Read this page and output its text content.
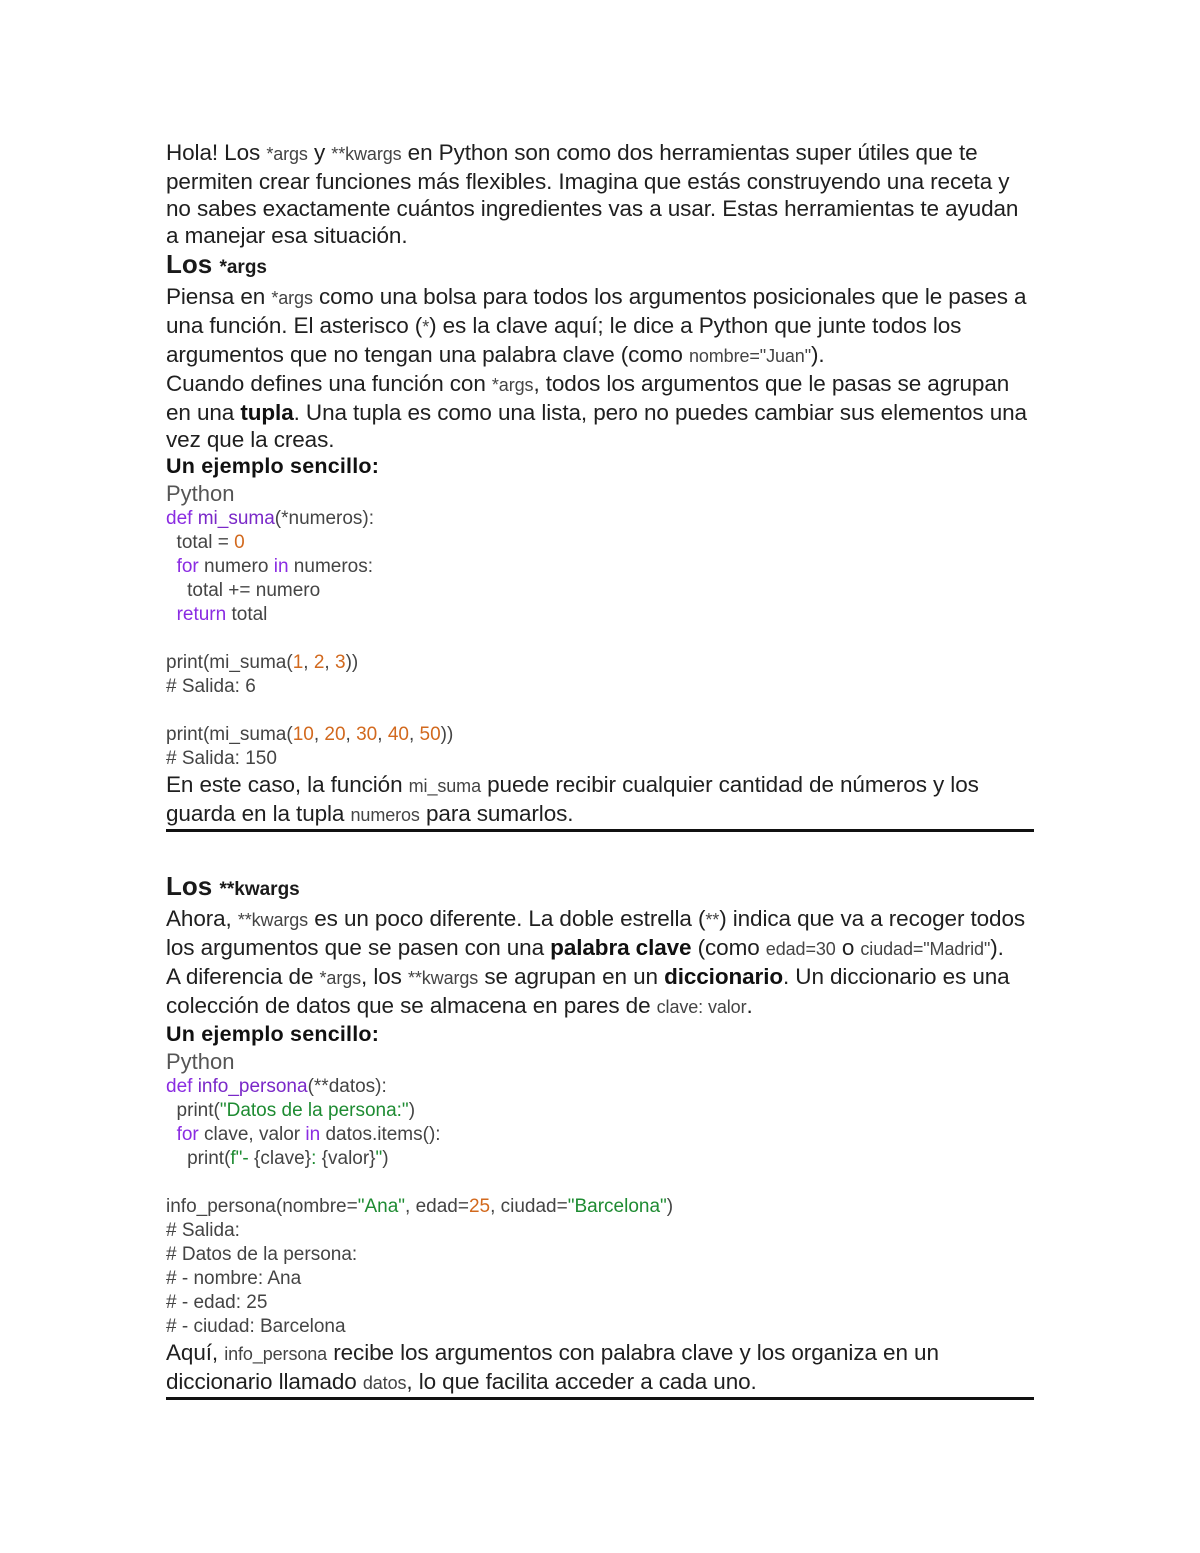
Hola! Los *args y **kwargs en Python son como dos herramientas super útiles que te permiten crear funciones más flexibles. Imagina que estás construyendo una receta y no sabes exactamente cuántos ingredientes vas a usar. Estas herramientas te ayudan a manejar esa situación.

Los *args

Piensa en *args como una bolsa para todos los argumentos posicionales que le pases a una función. El asterisco (*) es la clave aquí; le dice a Python que junte todos los argumentos que no tengan una palabra clave (como nombre="Juan").

Cuando defines una función con *args, todos los argumentos que le pasas se agrupan en una tupla. Una tupla es como una lista, pero no puedes cambiar sus elementos una vez que la creas.

Un ejemplo sencillo:
Python
def mi_suma(*numeros):
total = 0
for numero in numeros:
total += numero
return total

print(mi_suma(1, 2, 3))
# Salida: 6

print(mi_suma(10, 20, 30, 40, 50))
# Salida: 150

En este caso, la función mi_suma puede recibir cualquier cantidad de números y los guarda en la tupla numeros para sumarlos.

Los **kwargs

Ahora, **kwargs es un poco diferente. La doble estrella (**) indica que va a recoger todos los argumentos que se pasen con una palabra clave (como edad=30 o ciudad="Madrid").

A diferencia de *args, los **kwargs se agrupan en un diccionario. Un diccionario es una colección de datos que se almacena en pares de clave: valor.

Un ejemplo sencillo:
Python
def info_persona(**datos):
print("Datos de la persona:")
for clave, valor in datos.items():
print(f"- {clave}: {valor}")

info_persona(nombre="Ana", edad=25, ciudad="Barcelona")
# Salida:
# Datos de la persona:
# - nombre: Ana
# - edad: 25
# - ciudad: Barcelona

Aquí, info_persona recibe los argumentos con palabra clave y los organiza en un diccionario llamado datos, lo que facilita acceder a cada uno.
